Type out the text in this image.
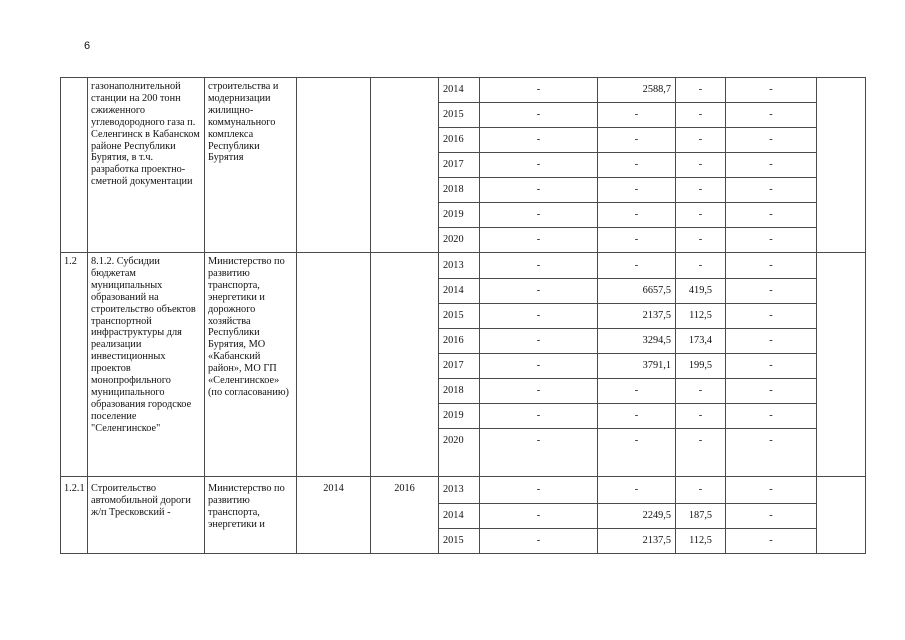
6
	газонаполнительной станции на 200 тонн сжиженного углеводородного газа п. Селенгинск в Кабанском районе Республики Бурятия, в т.ч. разработка проектно-сметной документации	строительства и модернизации жилищно-коммунального комплекса Республики Бурятия			2014	-	2588,7	-	-	
					2015	-	-	-	-	
					2016	-	-	-	-	
					2017	-	-	-	-	
					2018	-	-	-	-	
					2019	-	-	-	-	
					2020	-	-	-	-	
1.2	8.1.2. Субсидии бюджетам муниципальных образований на строительство объектов транспортной инфраструктуры для реализации инвестиционных проектов монопрофильного муниципального образования городское поселение "Селенгинское"	Министерство по развитию транспорта, энергетики и дорожного хозяйства Республики Бурятия, МО «Кабанский район», МО ГП «Селенгинское» (по согласованию)			2013	-	-	-	-	
					2014	-	6657,5	419,5	-	
					2015	-	2137,5	112,5	-	
					2016	-	3294,5	173,4	-	
					2017	-	3791,1	199,5	-	
					2018	-	-	-	-	
					2019	-	-	-	-	
					2020	-	-	-	-	
1.2.1	Строительство автомобильной дороги ж/п Тресковский -	Министерство по развитию транспорта, энергетики и	2014	2016	2013	-	-	-	-	
					2014	-	2249,5	187,5	-	
					2015	-	2137,5	112,5	-	
